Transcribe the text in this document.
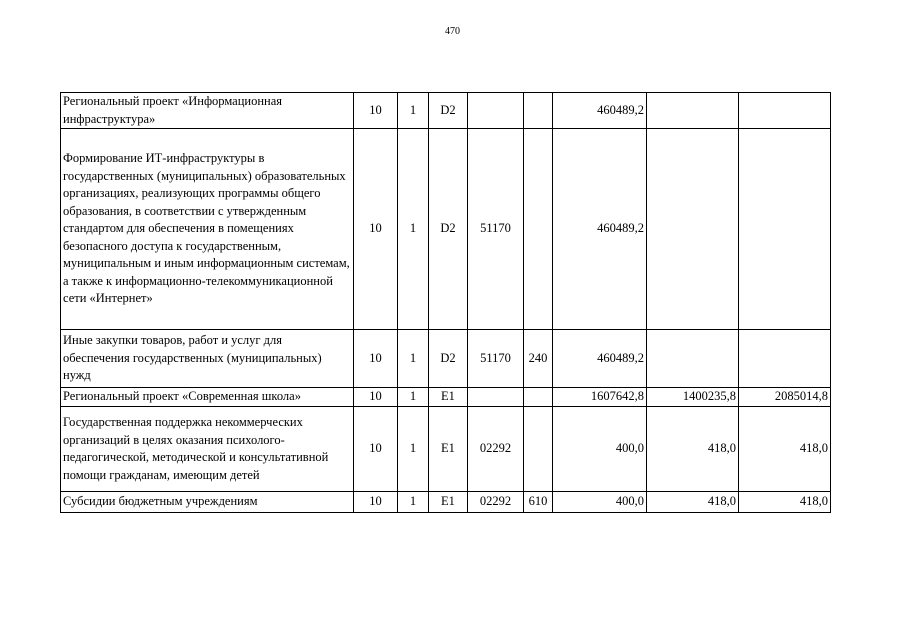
470
Региональный проект «Информационная инфраструктура»	10	1	D2			460489,2		
Формирование ИТ-инфраструктуры в государственных (муниципальных) образовательных организациях, реализующих программы общего образования, в соответствии с утвержденным стандартом для обеспечения в помещениях безопасного доступа к государственным, муниципальным и иным информационным системам, а также к информационно-телекоммуникационной сети «Интернет»	10	1	D2	51170		460489,2		
Иные закупки товаров, работ и услуг для обеспечения государственных (муниципальных) нужд	10	1	D2	51170	240	460489,2		
Региональный проект «Современная школа»	10	1	E1			1607642,8	1400235,8	2085014,8
Государственная поддержка некоммерческих организаций в целях оказания психолого-педагогической, методической и консультативной помощи гражданам, имеющим детей	10	1	E1	02292		400,0	418,0	418,0
Субсидии бюджетным учреждениям	10	1	E1	02292	610	400,0	418,0	418,0
